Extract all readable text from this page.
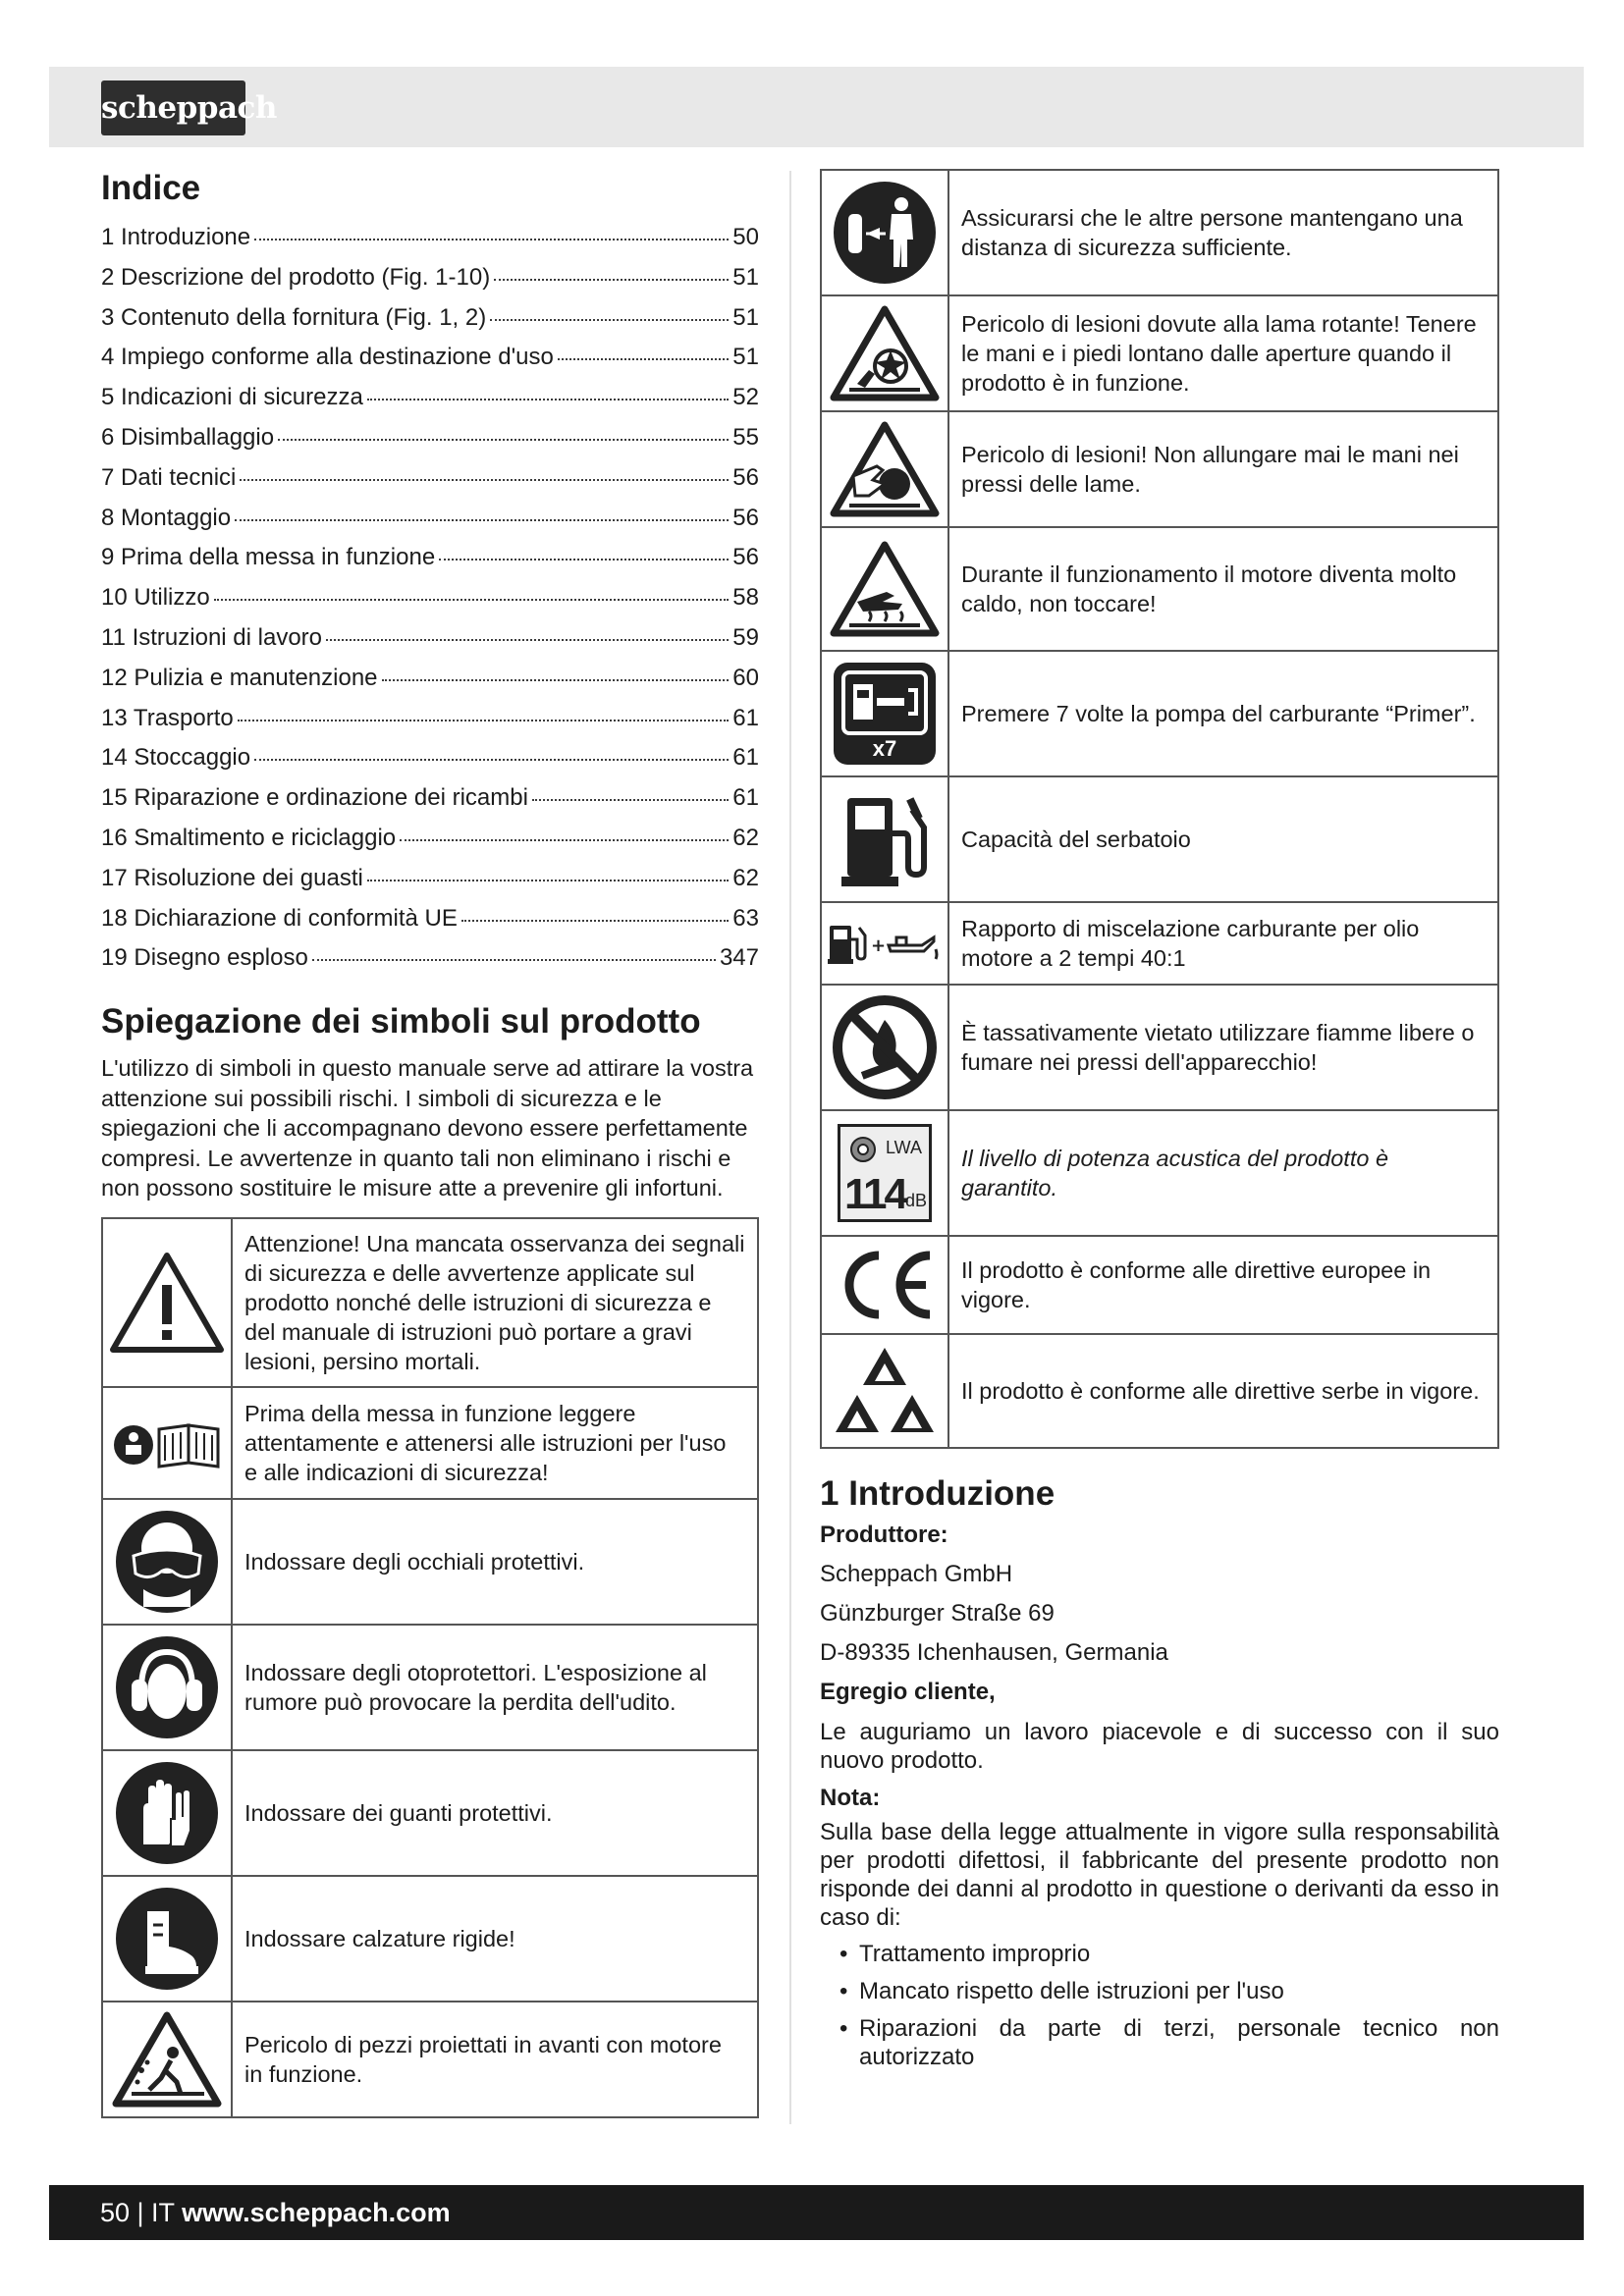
scheppach
Indice
1 Introduzione	50
2 Descrizione del prodotto (Fig. 1-10)	51
3 Contenuto della fornitura (Fig. 1, 2)	51
4 Impiego conforme alla destinazione d'uso	51
5 Indicazioni di sicurezza	52
6 Disimballaggio	55
7 Dati tecnici	56
8 Montaggio	56
9 Prima della messa in funzione	56
10 Utilizzo	58
11 Istruzioni di lavoro	59
12 Pulizia e manutenzione	60
13 Trasporto	61
14 Stoccaggio	61
15 Riparazione e ordinazione dei ricambi	61
16 Smaltimento e riciclaggio	62
17 Risoluzione dei guasti	62
18 Dichiarazione di conformità UE	63
19 Disegno esploso	347
Spiegazione dei simboli sul prodotto

L'utilizzo di simboli in questo manuale serve ad attirare la vostra attenzione sui possibili rischi. I simboli di sicurezza e le spiegazioni che li accompagnano devono essere perfettamente compresi. Le avvertenze in quanto tali non eliminano i rischi e non possono sostituire le misure atte a prevenire gli infortuni.

	Attenzione! Una mancata osservanza dei segnali di sicurezza e delle avvertenze applicate sul prodotto nonché delle istruzioni di sicurezza e del manuale di istruzioni può portare a gravi lesioni, persino mortali.

	Prima della messa in funzione leggere attentamente e attenersi alle istruzioni per l'uso e alle indicazioni di sicurezza!

	Indossare degli occhiali protettivi.

	Indossare degli otoprotettori. L'esposizione al rumore può provocare la perdita dell'udito.

	Indossare dei guanti protettivi.

	Indossare calzature rigide!

	Pericolo di pezzi proiettati in avanti con motore in funzione.
	Assicurarsi che le altre persone mantengano una distanza di sicurezza sufficiente.

	Pericolo di lesioni dovute alla lama rotante! Tenere le mani e i piedi lontano dalle aperture quando il prodotto è in funzione.

	Pericolo di lesioni! Non allungare mai le mani nei pressi delle lame.

	Durante il funzionamento il motore diventa molto caldo, non toccare!

x7	Premere 7 volte la pompa del carburante “Primer”.

	Capacità del serbatoio

+	Rapporto di miscelazione carburante per olio motore a 2 tempi 40:1

	È tassativamente vietato utilizzare fiamme libere o fumare nei pressi dell'apparecchio!

LWA
114 dB	Il livello di potenza acustica del prodotto è garantito.

	Il prodotto è conforme alle direttive europee in vigore.

	Il prodotto è conforme alle direttive serbe in vigore.
1 Introduzione
Produttore:
Scheppach GmbH
Günzburger Straße 69
D-89335 Ichenhausen, Germania
Egregio cliente,

Le auguriamo un lavoro piacevole e di successo con il suo nuovo prodotto.

Nota:

Sulla base della legge attualmente in vigore sulla responsabilità per prodotti difettosi, il fabbricante del presente prodotto non risponde dei danni al prodotto in questione o derivanti da esso in caso di:

• Trattamento improprio
• Mancato rispetto delle istruzioni per l'uso
• Riparazioni da parte di terzi, personale tecnico non autorizzato
50 | IT www.scheppach.com
